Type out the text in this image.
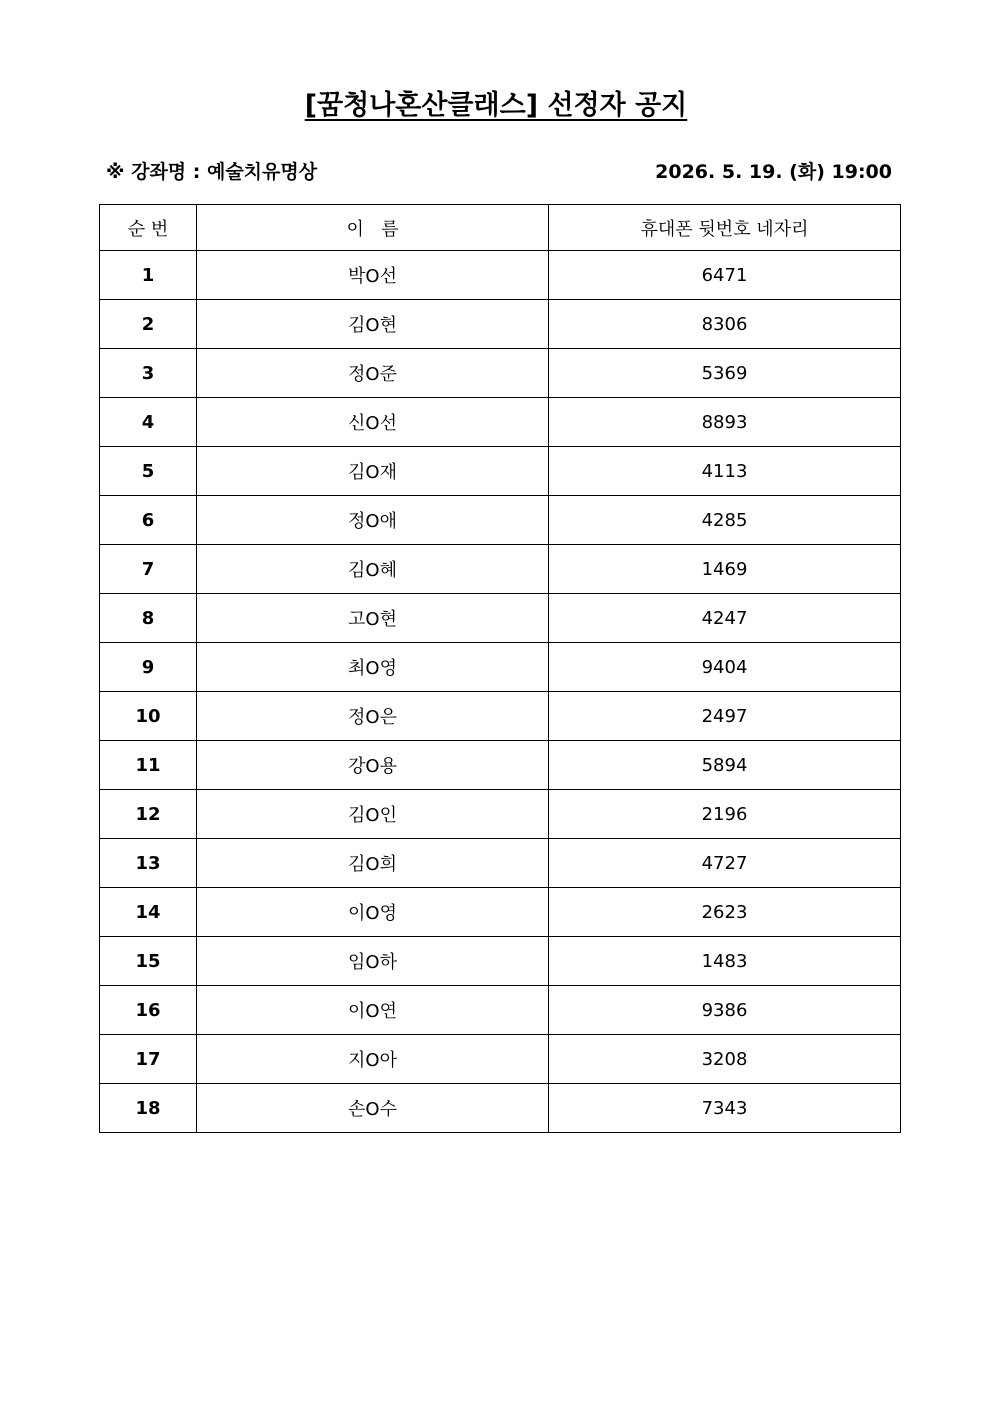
[꿈청나혼산클래스] 선정자 공지
※ 강좌명 : 예술치유명상	2026. 5. 19. (화) 19:00
순 번	이   름	휴대폰 뒷번호 네자리
1	박O선	6471
2	김O현	8306
3	정O준	5369
4	신O선	8893
5	김O재	4113
6	정O애	4285
7	김O혜	1469
8	고O현	4247
9	최O영	9404
10	정O은	2497
11	강O용	5894
12	김O인	2196
13	김O희	4727
14	이O영	2623
15	임O하	1483
16	이O연	9386
17	지O아	3208
18	손O수	7343
